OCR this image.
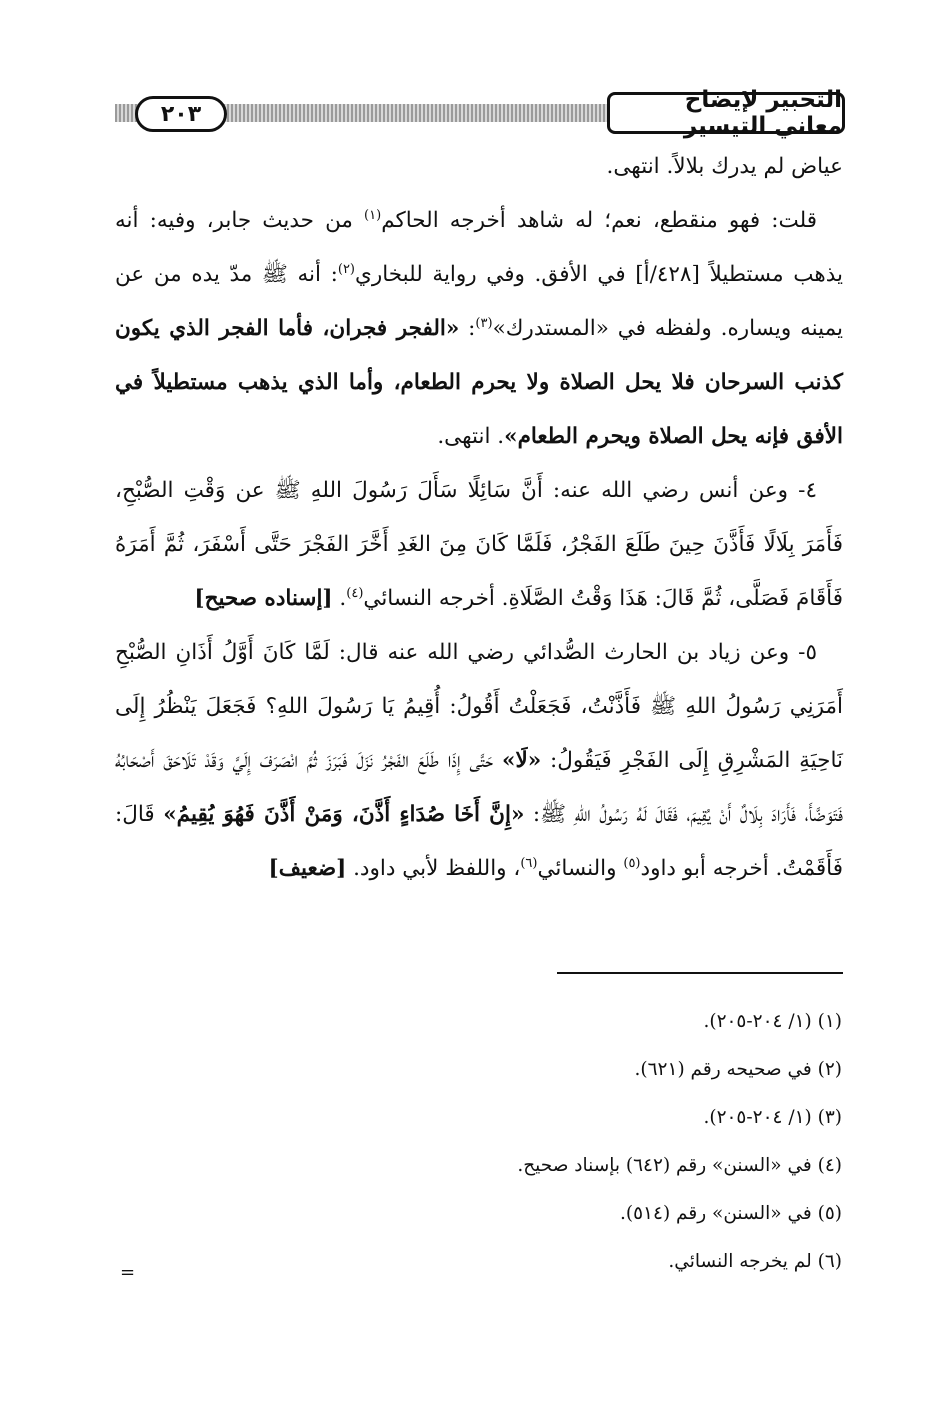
التحبير لإيضاح معاني التيسير
٢٠٣

عياض لم يدرك بلالاً. انتهى.

قلت: فهو منقطع، نعم؛ له شاهد أخرجه الحاكم$^{(١)}$ من حديث جابر، وفيه: أنه يذهب مستطيلاً [٤٢٨/أ] في الأفق. وفي رواية للبخاري$^{(٢)}$: أنه ﷺ مدّ يده من عن يمينه ويساره. ولفظه في «المستدرك»$^{(٣)}$: «الفجر فجران، فأما الفجر الذي يكون كذنب السرحان فلا يحل الصلاة ولا يحرم الطعام، وأما الذي يذهب مستطيلاً في الأفق فإنه يحل الصلاة ويحرم الطعام». انتهى.

٤- وعن أنس رضي الله عنه: أَنَّ سَائِلًا سَأَلَ رَسُولَ اللهِ ﷺ عن وَقْتِ الصُّبْحِ، فَأَمَرَ بِلَالًا فَأَذَّنَ حِينَ طَلَعَ الفَجْرُ، فَلَمَّا كَانَ مِنَ الغَدِ أَخَّرَ الفَجْرَ حَتَّى أَسْفَرَ، ثُمَّ أَمَرَهُ فَأَقَامَ فَصَلَّى، ثُمَّ قَالَ: هَذَا وَقْتُ الصَّلَاةِ. أخرجه النسائي$^{(٤)}$. [إسناده صحيح]

٥- وعن زياد بن الحارث الصُّدائي رضي الله عنه قال: لَمَّا كَانَ أَوَّلُ أَذَانِ الصُّبْحِ أَمَرَنِي رَسُولُ اللهِ ﷺ فَأَذَّنْتُ، فَجَعَلْتُ أَقُولُ: أُقِيمُ يَا رَسُولَ اللهِ؟ فَجَعَلَ يَنْظُرُ إِلَى نَاحِيَةِ المَشْرِقِ إِلَى الفَجْرِ فَيَقُولُ: «لَا» حَتَّى إِذَا طَلَعَ الفَجْرُ نَزَلَ فَبَرَزَ ثُمَّ انْصَرَفَ إِلَيَّ وَقَدْ تَلَاحَقَ أَصْحَابُهُ فَتَوَضَّأَ، فَأَرَادَ بِلَالٌ أَنْ يُقِيمَ، فَقَالَ لَهُ رَسُولُ اللهِ ﷺ: «إِنَّ أَخَا صُدَاءٍ أَذَّنَ، وَمَنْ أَذَّنَ فَهُوَ يُقِيمُ» قَالَ: فَأَقَمْتُ. أخرجه أبو داود$^{(٥)}$ والنسائي$^{(٦)}$، واللفظ لأبي داود. [ضعيف]

(١) (١/ ٢٠٤-٢٠٥).
(٢) في صحيحه رقم (٦٢١).
(٣) (١/ ٢٠٤-٢٠٥).
(٤) في «السنن» رقم (٦٤٢) بإسناد صحيح.
(٥) في «السنن» رقم (٥١٤).
(٦) لم يخرجه النسائي.
=
